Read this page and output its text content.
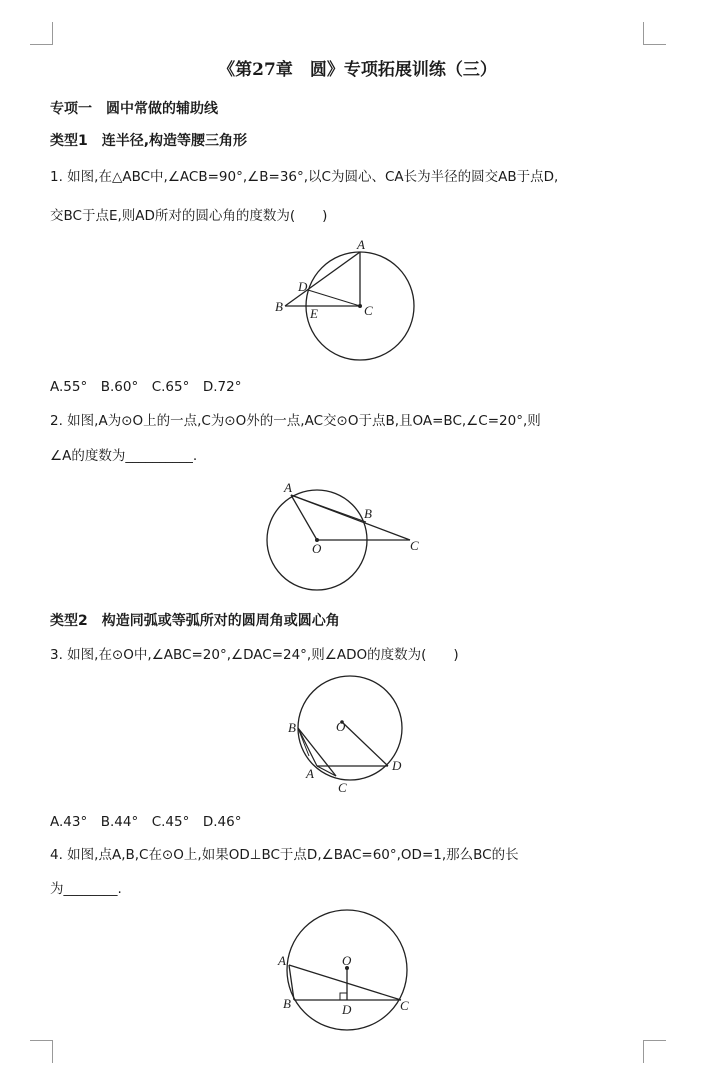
《第27章　圆》专项拓展训练（三）
专项一　圆中常做的辅助线
类型1　连半径,构造等腰三角形
1. 如图,在△ABC中,∠ACB=90°,∠B=36°,以C为圆心、CA长为半径的圆交AB于点D,
交BC于点E,则AD所对的圆心角的度数为(　　)
A
B	C
D
E
A.55°　B.60°　C.65°　D.72°
2. 如图,A为⊙O上的一点,C为⊙O外的一点,AC交⊙O于点B,且OA=BC,∠C=20°,则
∠A的度数为__________.
A
B
O	C
类型2　构造同弧或等弧所对的圆周角或圆心角
3. 如图,在⊙O中,∠ABC=20°,∠DAC=24°,则∠ADO的度数为(　　)
B	O
A
D
C
A.43°　B.44°　C.45°　D.46°
4. 如图,点A,B,C在⊙O上,如果OD⊥BC于点D,∠BAC=60°,OD=1,那么BC的长
为________.
A	O
B	D	C
